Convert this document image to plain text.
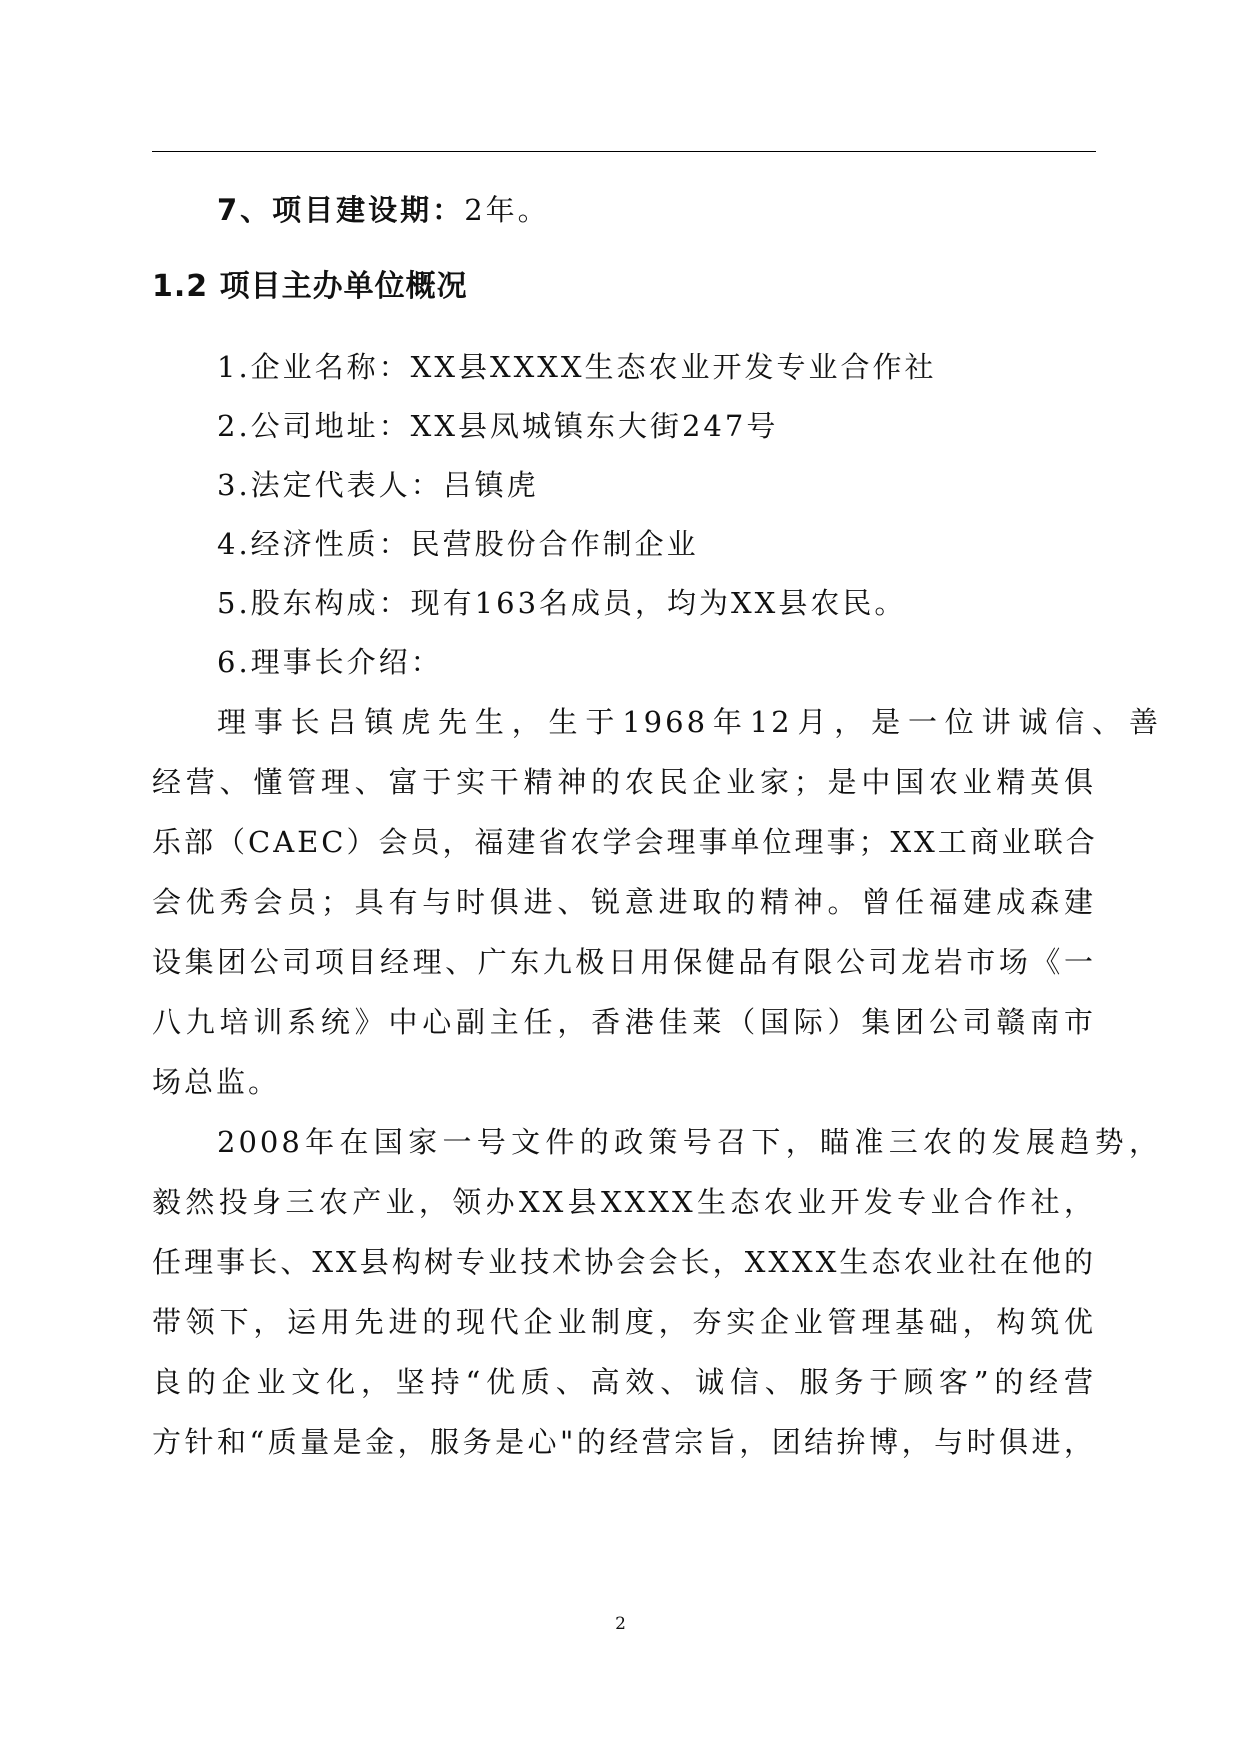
7、项目建设期：2年。
1.2 项目主办单位概况
1.企业名称：XX县XXXX生态农业开发专业合作社
2.公司地址：XX县凤城镇东大街247号
3.法定代表人：吕镇虎
4.经济性质：民营股份合作制企业
5.股东构成：现有163名成员，均为XX县农民。
6.理事长介绍：
理事长吕镇虎先生，生于1968年12月，是一位讲诚信、善
经营、懂管理、富于实干精神的农民企业家；是中国农业精英俱
乐部（CAEC）会员，福建省农学会理事单位理事；XX工商业联合
会优秀会员；具有与时俱进、锐意进取的精神。曾任福建成森建
设集团公司项目经理、广东九极日用保健品有限公司龙岩市场《一
八九培训系统》中心副主任，香港佳莱（国际）集团公司赣南市
场总监。
2008年在国家一号文件的政策号召下，瞄准三农的发展趋势，
毅然投身三农产业，领办XX县XXXX生态农业开发专业合作社，
任理事长、XX县构树专业技术协会会长，XXXX生态农业社在他的
带领下，运用先进的现代企业制度，夯实企业管理基础，构筑优
良的企业文化，坚持“优质、高效、诚信、服务于顾客”的经营
方针和“质量是金，服务是心"的经营宗旨，团结拚博，与时俱进，
2
